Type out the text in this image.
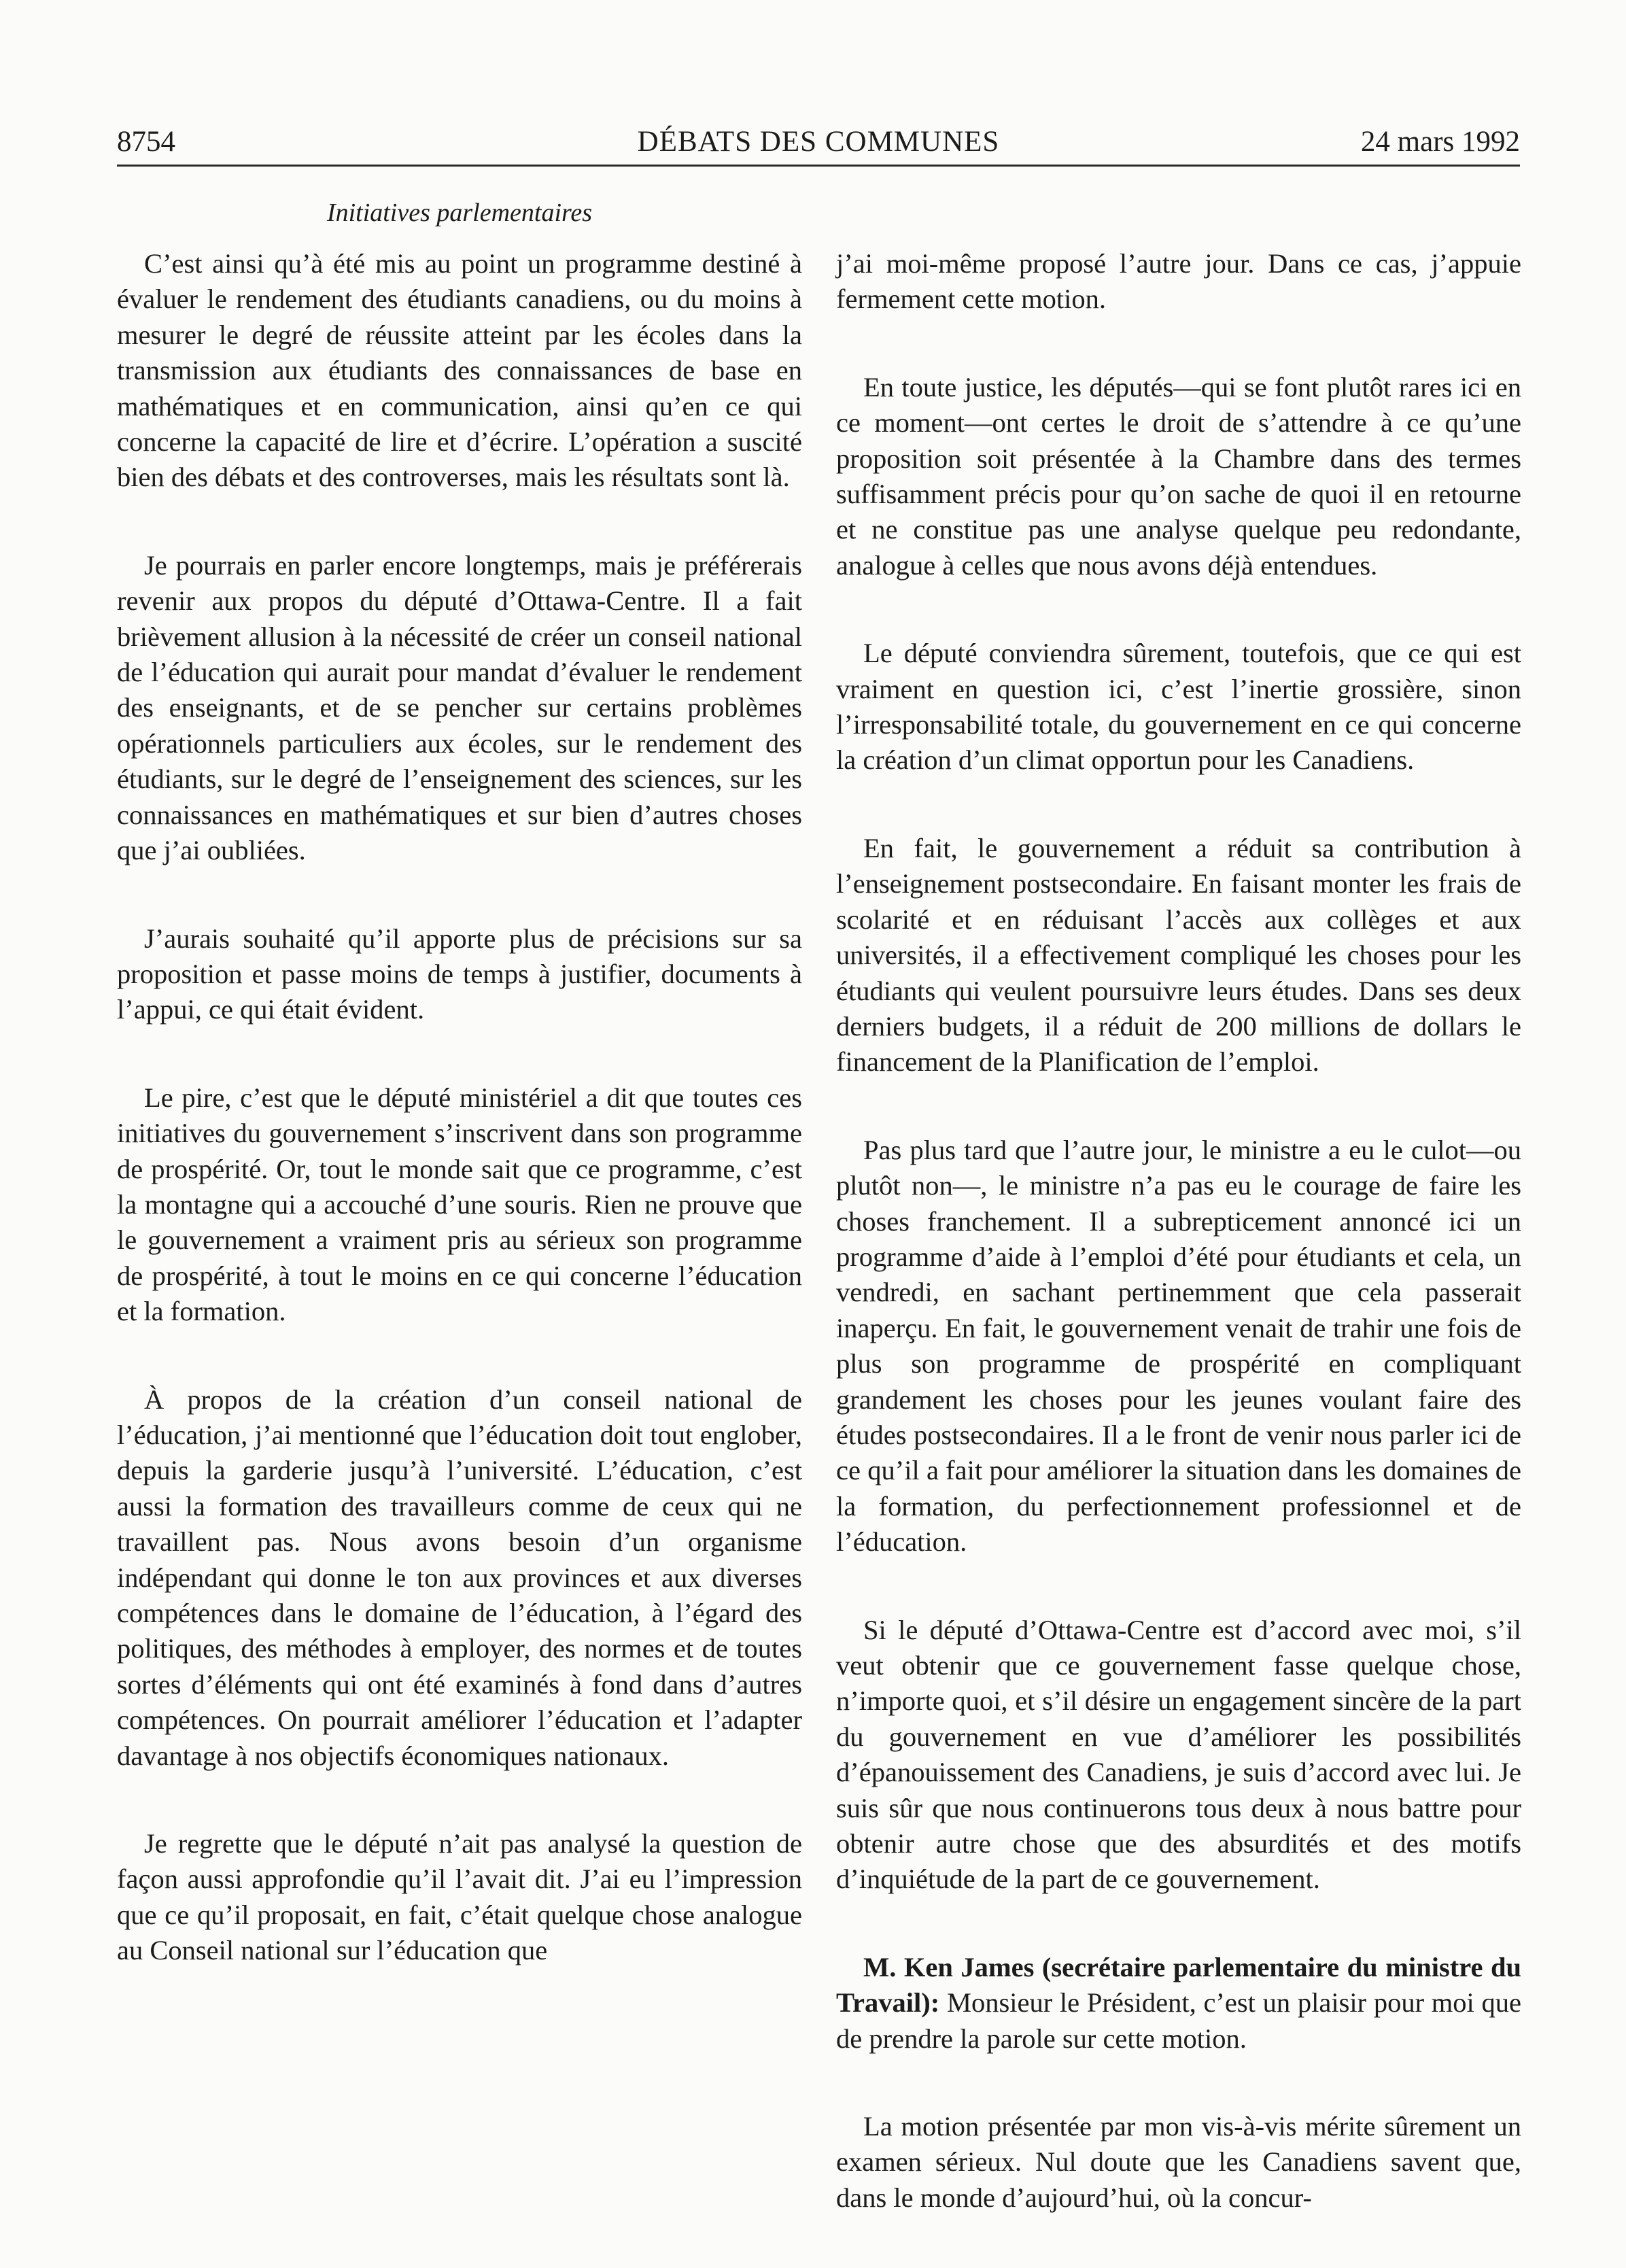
8754	DÉBATS DES COMMUNES	24 mars 1992
Initiatives parlementaires

C’est ainsi qu’à été mis au point un programme destiné à évaluer le rendement des étudiants canadiens, ou du moins à mesurer le degré de réussite atteint par les écoles dans la transmission aux étudiants des connaissances de base en mathématiques et en communication, ainsi qu’en ce qui concerne la capacité de lire et d’écrire. L’opération a suscité bien des débats et des controverses, mais les résultats sont là.

Je pourrais en parler encore longtemps, mais je préférerais revenir aux propos du député d’Ottawa-Centre. Il a fait brièvement allusion à la nécessité de créer un conseil national de l’éducation qui aurait pour mandat d’évaluer le rendement des enseignants, et de se pencher sur certains problèmes opérationnels particuliers aux écoles, sur le rendement des étudiants, sur le degré de l’enseignement des sciences, sur les connaissances en mathématiques et sur bien d’autres choses que j’ai oubliées.

J’aurais souhaité qu’il apporte plus de précisions sur sa proposition et passe moins de temps à justifier, documents à l’appui, ce qui était évident.

Le pire, c’est que le député ministériel a dit que toutes ces initiatives du gouvernement s’inscrivent dans son programme de prospérité. Or, tout le monde sait que ce programme, c’est la montagne qui a accouché d’une souris. Rien ne prouve que le gouvernement a vraiment pris au sérieux son programme de prospérité, à tout le moins en ce qui concerne l’éducation et la formation.

À propos de la création d’un conseil national de l’éducation, j’ai mentionné que l’éducation doit tout englober, depuis la garderie jusqu’à l’université. L’éducation, c’est aussi la formation des travailleurs comme de ceux qui ne travaillent pas. Nous avons besoin d’un organisme indépendant qui donne le ton aux provinces et aux diverses compétences dans le domaine de l’éducation, à l’égard des politiques, des méthodes à employer, des normes et de toutes sortes d’éléments qui ont été examinés à fond dans d’autres compétences. On pourrait améliorer l’éducation et l’adapter davantage à nos objectifs économiques nationaux.

Je regrette que le député n’ait pas analysé la question de façon aussi approfondie qu’il l’avait dit. J’ai eu l’impression que ce qu’il proposait, en fait, c’était quelque chose analogue au Conseil national sur l’éducation que

j’ai moi-même proposé l’autre jour. Dans ce cas, j’appuie fermement cette motion.

En toute justice, les députés—qui se font plutôt rares ici en ce moment—ont certes le droit de s’attendre à ce qu’une proposition soit présentée à la Chambre dans des termes suffisamment précis pour qu’on sache de quoi il en retourne et ne constitue pas une analyse quelque peu redondante, analogue à celles que nous avons déjà entendues.

Le député conviendra sûrement, toutefois, que ce qui est vraiment en question ici, c’est l’inertie grossière, sinon l’irresponsabilité totale, du gouvernement en ce qui concerne la création d’un climat opportun pour les Canadiens.

En fait, le gouvernement a réduit sa contribution à l’enseignement postsecondaire. En faisant monter les frais de scolarité et en réduisant l’accès aux collèges et aux universités, il a effectivement compliqué les choses pour les étudiants qui veulent poursuivre leurs études. Dans ses deux derniers budgets, il a réduit de 200 millions de dollars le financement de la Planification de l’emploi.

Pas plus tard que l’autre jour, le ministre a eu le culot—ou plutôt non—, le ministre n’a pas eu le courage de faire les choses franchement. Il a subrepticement annoncé ici un programme d’aide à l’emploi d’été pour étudiants et cela, un vendredi, en sachant pertinemment que cela passerait inaperçu. En fait, le gouvernement venait de trahir une fois de plus son programme de prospérité en compliquant grandement les choses pour les jeunes voulant faire des études postsecondaires. Il a le front de venir nous parler ici de ce qu’il a fait pour améliorer la situation dans les domaines de la formation, du perfectionnement professionnel et de l’éducation.

Si le député d’Ottawa-Centre est d’accord avec moi, s’il veut obtenir que ce gouvernement fasse quelque chose, n’importe quoi, et s’il désire un engagement sincère de la part du gouvernement en vue d’améliorer les possibilités d’épanouissement des Canadiens, je suis d’accord avec lui. Je suis sûr que nous continuerons tous deux à nous battre pour obtenir autre chose que des absurdités et des motifs d’inquiétude de la part de ce gouvernement.

M. Ken James (secrétaire parlementaire du ministre du Travail): Monsieur le Président, c’est un plaisir pour moi que de prendre la parole sur cette motion.

La motion présentée par mon vis-à-vis mérite sûrement un examen sérieux. Nul doute que les Canadiens savent que, dans le monde d’aujourd’hui, où la concur-
